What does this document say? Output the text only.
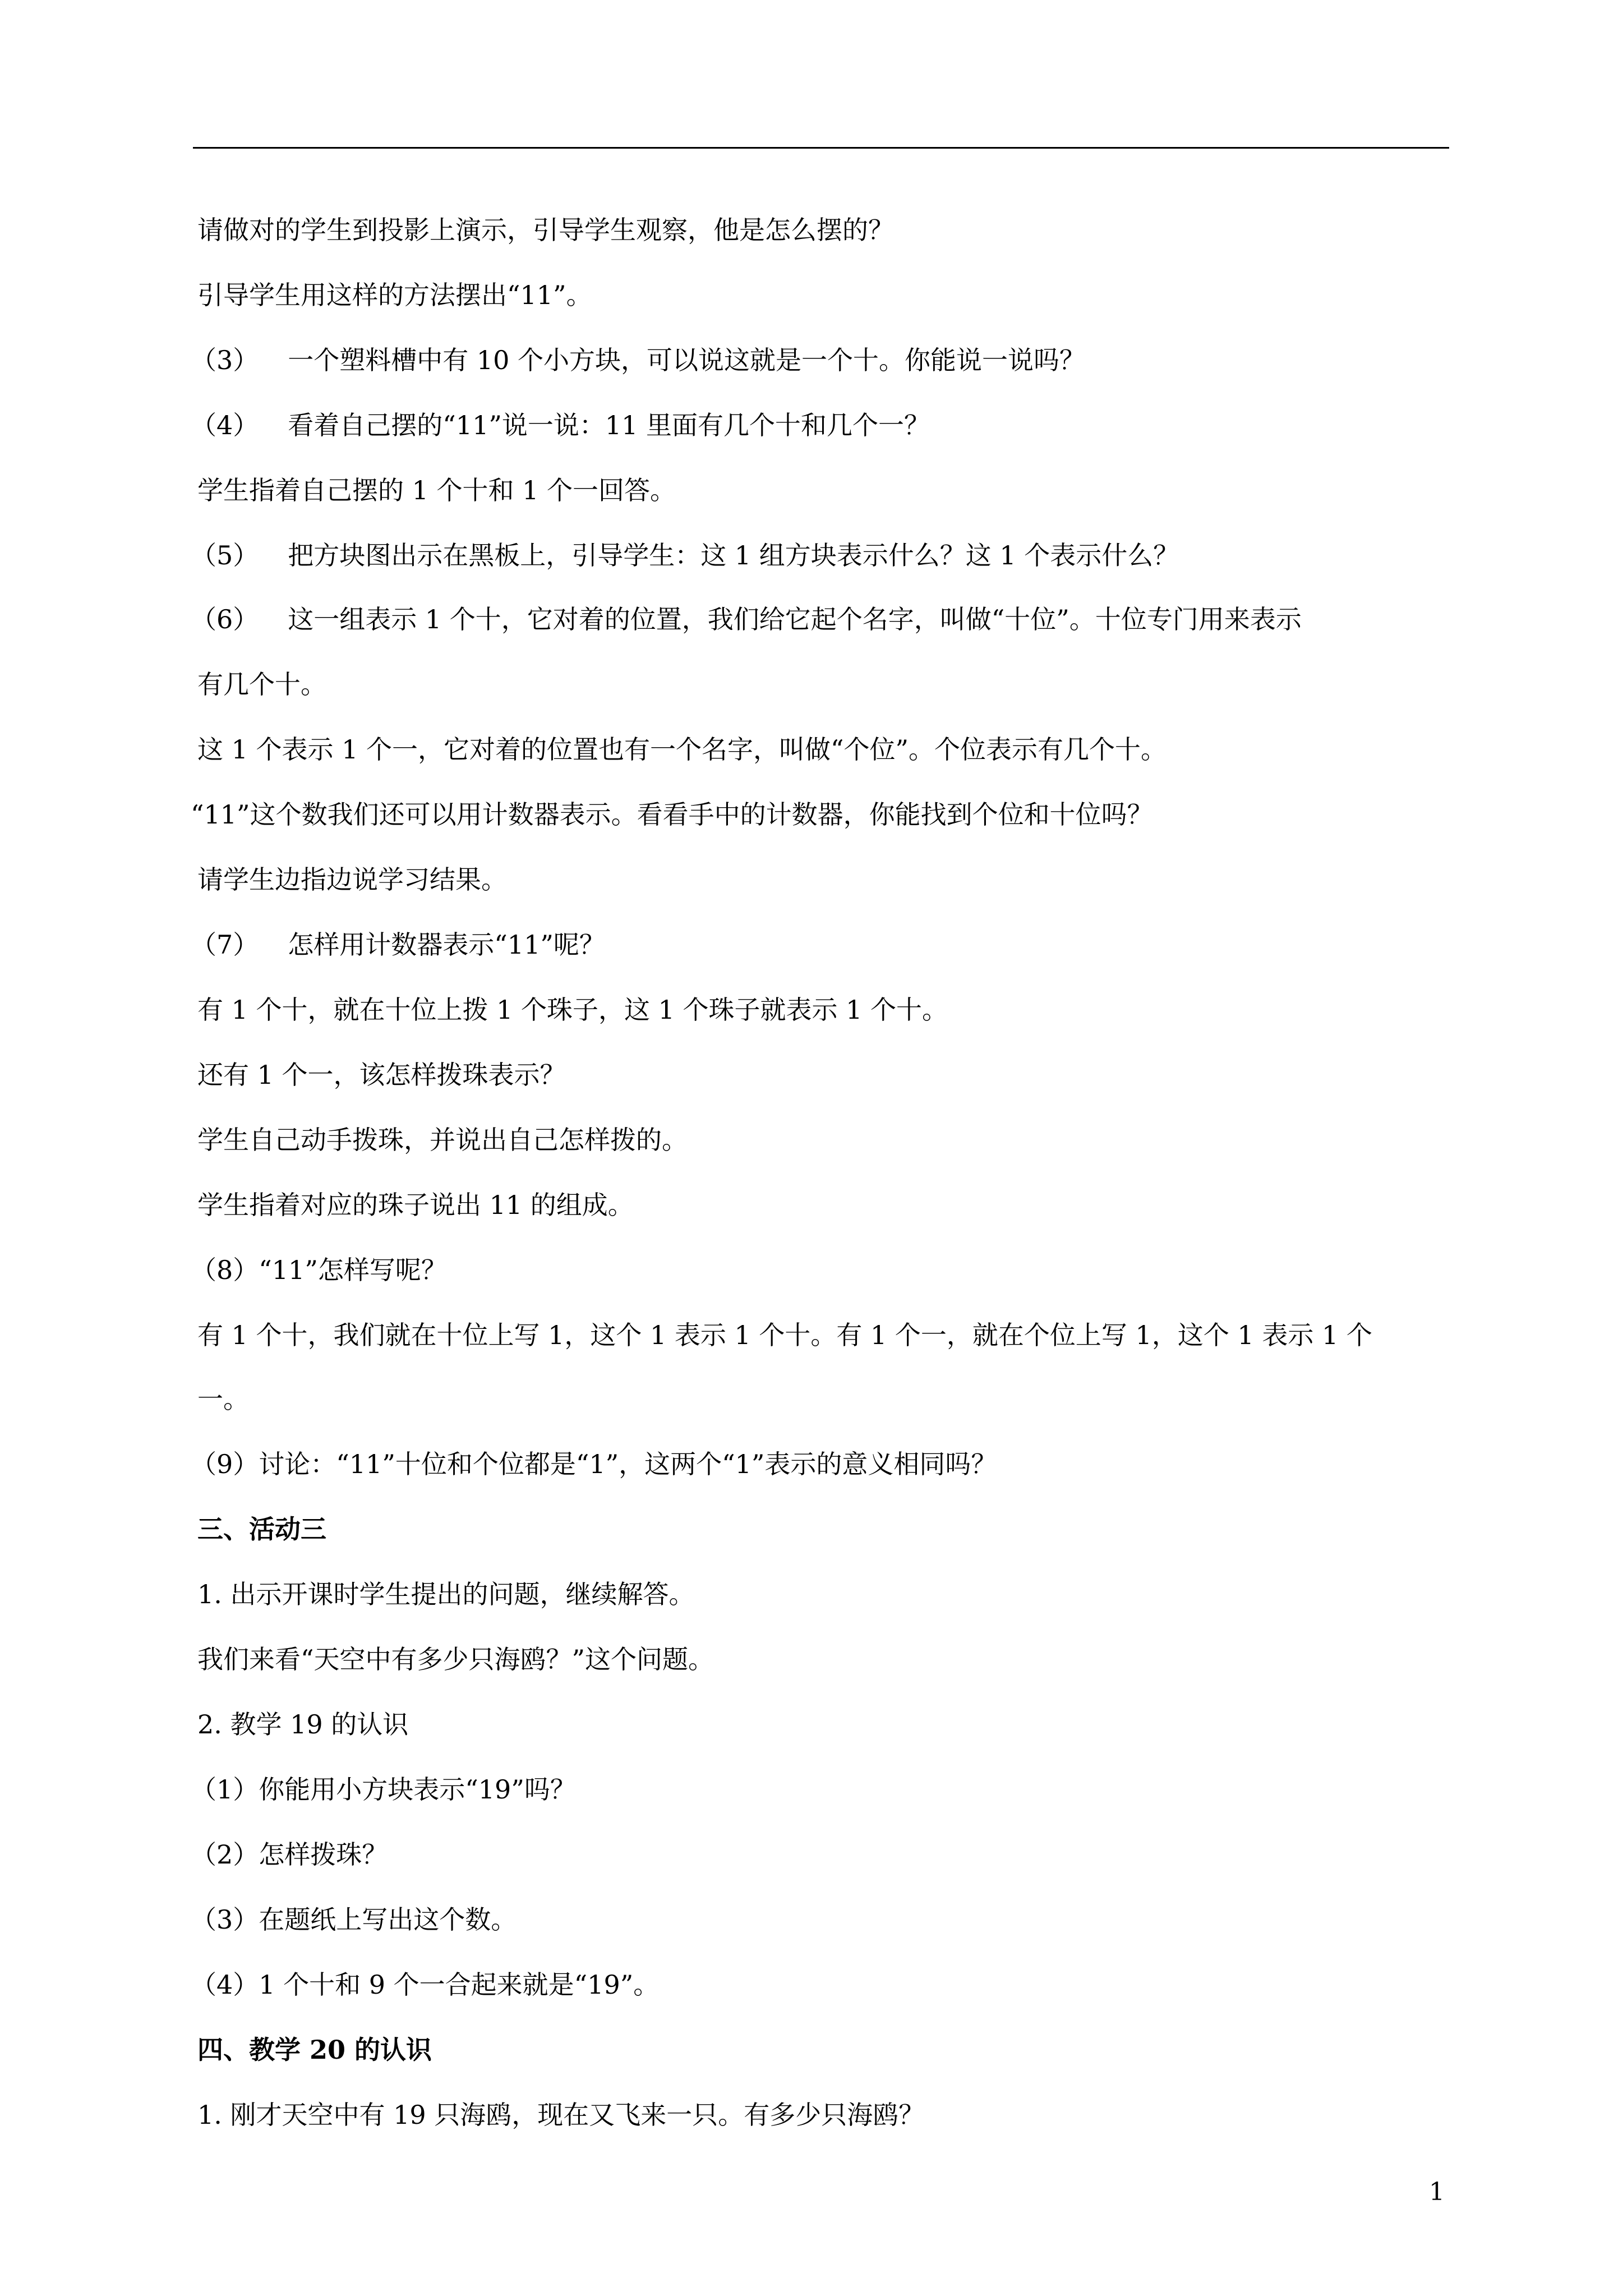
请做对的学生到投影上演示，引导学生观察，他是怎么摆的？
引导学生用这样的方法摆出“11”。
（3） 一个塑料槽中有 10 个小方块，可以说这就是一个十。你能说一说吗？
（4） 看着自己摆的“11”说一说：11 里面有几个十和几个一？
学生指着自己摆的 1 个十和 1 个一回答。
（5） 把方块图出示在黑板上，引导学生：这 1 组方块表示什么？这 1 个表示什么？
（6） 这一组表示 1 个十，它对着的位置，我们给它起个名字，叫做“十位”。十位专门用来表示
有几个十。
这 1 个表示 1 个一，它对着的位置也有一个名字，叫做“个位”。个位表示有几个十。
“11”这个数我们还可以用计数器表示。看看手中的计数器，你能找到个位和十位吗？
请学生边指边说学习结果。
（7） 怎样用计数器表示“11”呢？
有 1 个十，就在十位上拨 1 个珠子，这 1 个珠子就表示 1 个十。
还有 1 个一，该怎样拨珠表示？
学生自己动手拨珠，并说出自己怎样拨的。
学生指着对应的珠子说出 11 的组成。
（8）“11”怎样写呢？
有 1 个十，我们就在十位上写 1，这个 1 表示 1 个十。有 1 个一，就在个位上写 1，这个 1 表示 1 个
一。
（9）讨论：“11”十位和个位都是“1”，这两个“1”表示的意义相同吗？
三、活动三
1. 出示开课时学生提出的问题，继续解答。
我们来看“天空中有多少只海鸥？”这个问题。
2. 教学 19 的认识
（1）你能用小方块表示“19”吗？
（2）怎样拨珠？
（3）在题纸上写出这个数。
（4）1 个十和 9 个一合起来就是“19”。
四、教学 20 的认识
1. 刚才天空中有 19 只海鸥，现在又飞来一只。有多少只海鸥？
1
